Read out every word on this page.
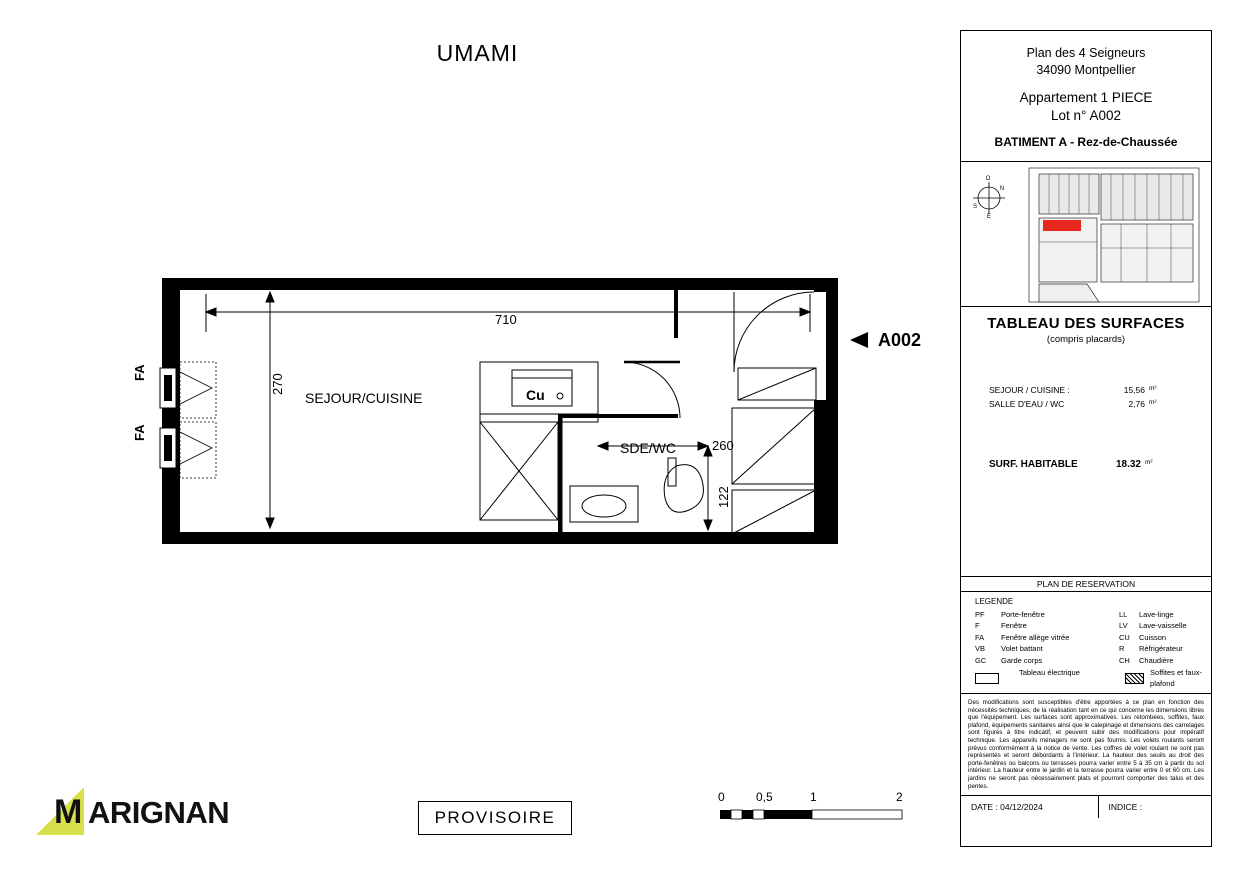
UMAMI
SEJOUR/CUISINE
SDE/WC
710
270
260
122
FA
FA
Cu
A002
Plan des 4 Seigneurs
34090 Montpellier
Appartement 1 PIECE
Lot n° A002
BATIMENT A - Rez-de-Chaussée
O
N
S
E
TABLEAU DES SURFACES
(compris placards)
SEJOUR / CUISINE :	15,56 m²
SALLE D'EAU / WC	2,76 m²
SURF. HABITABLE	18.32 m²
PLAN DE RESERVATION
LEGENDE
PF	Porte-fenêtre	LL	Lave-linge
F	Fenêtre	LV	Lave-vaisselle
FA	Fenêtre allège vitrée	CU	Cuisson
VB	Volet battant	R	Réfrigérateur
GC	Garde corps	CH	Chaudière
Tableau électrique	Soffites et faux-plafond
Des modifications sont susceptibles d'être apportées à ce plan en fonction des nécessités techniques, de la réalisation tant en ce qui concerne les dimensions libres que l'équipement. Les surfaces sont approximatives. Les retombées, soffites, faux plafond, équipements sanitaires ainsi que le calepinage et dimensions des carrelages sont figurés à titre indicatif, et peuvent subir des modifications pour impératif technique. Les appareils ménagers ne sont pas fournis. Les volets roulants seront prévus conformément à la notice de vente. Les coffres de volet roulant ne sont pas représentés et seront débordants à l'intérieur. La hauteur des seuils au droit des porte-fenêtres ou balcons ou terrasses pourra varier entre 5 à 35 cm à partir du sol intérieur. La hauteur entre le jardin et la terrasse pourra varier entre 0 et 60 cm. Les jardins ne seront pas nécessairement plats et pourront comporter des talus et des pentes.
DATE : 04/12/2024	INDICE :
M ARIGNAN	PROVISOIRE
0	0,5	1	2
